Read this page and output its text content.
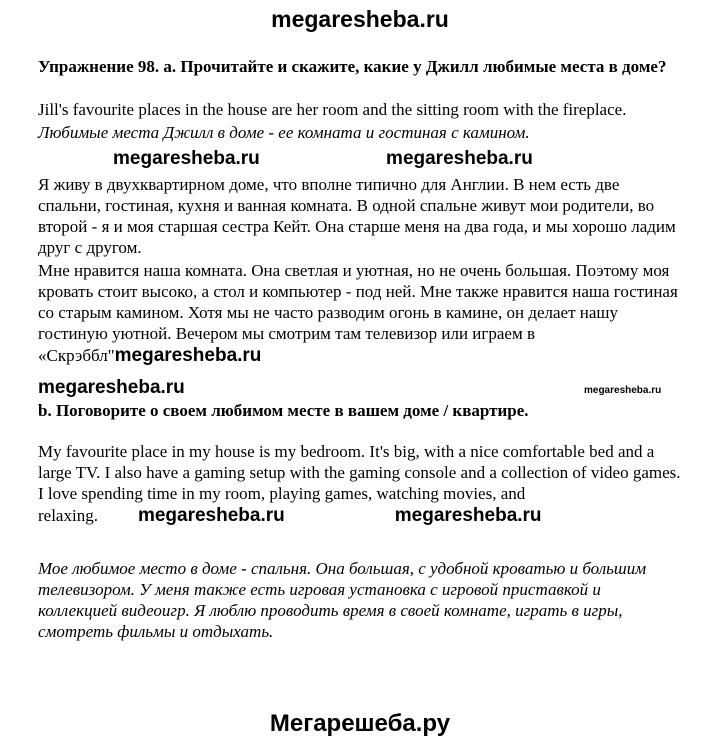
megaresheba.ru
Упражнение 98. а. Прочитайте и скажите, какие у Джилл любимые места в доме?

Jill's favourite places in the house are her room and the sitting room with the fireplace.

Любимые места Джилл в доме - ее комната и гостиная с камином.

megaresheba.ru	megaresheba.ru

Я живу в двухквартирном доме, что вполне типично для Англии. В нем есть две спальни, гостиная, кухня и ванная комната. В одной спальне живут мои родители, во второй - я и моя старшая сестра Кейт. Она старше меня на два года, и мы хорошо ладим друг с другом.

Мне нравится наша комната. Она светлая и уютная, но не очень большая. Поэтому моя кровать стоит высоко, а стол и компьютер - под ней. Мне также нравится наша гостиная со старым камином. Хотя мы не часто разводим огонь в камине, он делает нашу гостиную уютной. Вечером мы смотрим там телевизор или играем в «Скрэббл"megaresheba.ru

megaresheba.ru
b. Поговорите о своем любимом месте в вашем доме / квартире.

My favourite place in my house is my bedroom. It's big, with a nice comfortable bed and a large TV. I also have a gaming setup with the gaming console and a collection of video games. I love spending time in my room, playing games, watching movies, and relaxing. megaresheba.ru	megaresheba.ru

Мое любимое место в доме - спальня. Она большая, с удобной кроватью и большим телевизором. У меня также есть игровая установка с игровой приставкой и коллекцией видеоигр. Я люблю проводить время в своей комнате, играть в игры, смотреть фильмы и отдыхать.

megaresheba.ru
Мегарешеба.ру
